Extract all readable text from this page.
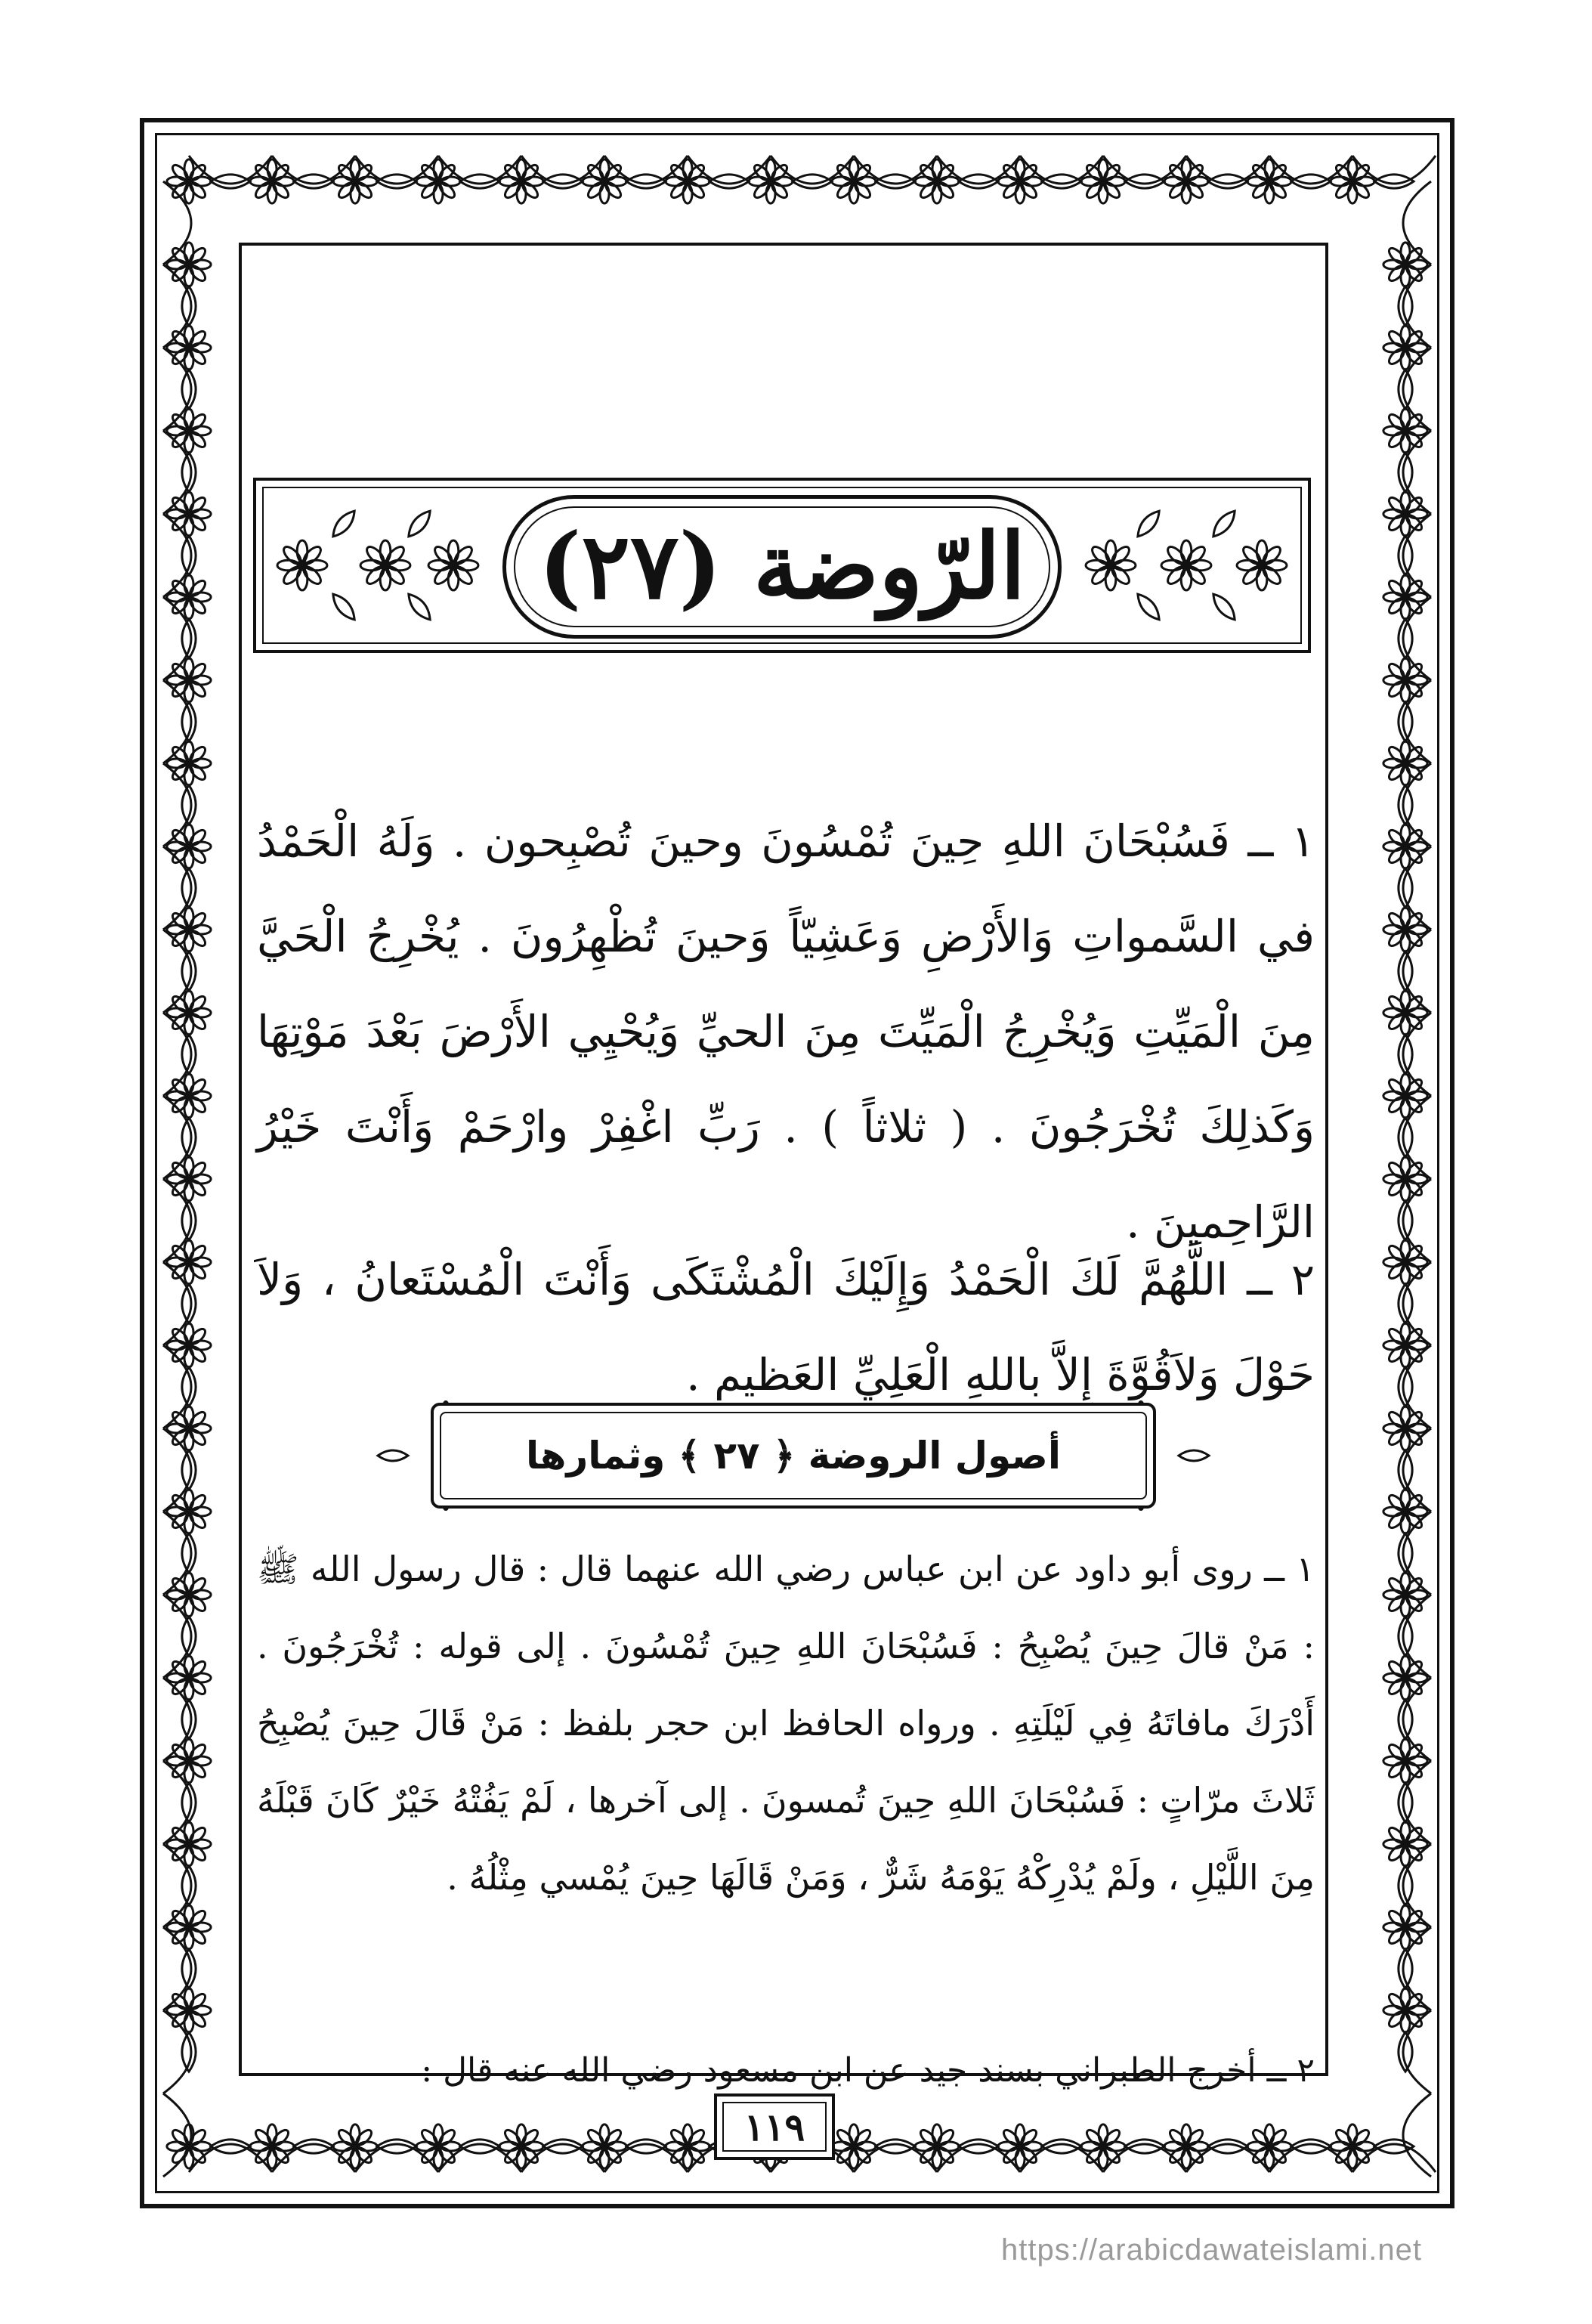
الرّوضة (٢٧)

١ ــ فَسُبْحَانَ اللهِ حِينَ تُمْسُونَ وحينَ تُصْبِحون . وَلَهُ الْحَمْدُ في السَّمواتِ وَالأَرْضِ وَعَشِيّاً وَحينَ تُظْهِرُونَ . يُخْرِجُ الْحَيَّ مِنَ الْمَيِّتِ وَيُخْرِجُ الْمَيِّتَ مِنَ الحيِّ وَيُحْيِي الأَرْضَ بَعْدَ مَوْتِهَا وَكَذلِكَ تُخْرَجُونَ . ( ثلاثاً ) . رَبِّ اغْفِرْ وارْحَمْ وَأَنْتَ خَيْرُ الرَّاحِمينَ .

٢ ــ اللَّهُمَّ لَكَ الْحَمْدُ وَإِلَيْكَ الْمُشْتَكَى وَأَنْتَ الْمُسْتَعانُ ، وَلاَ حَوْلَ وَلاَقُوَّةَ إِلاَّ باللهِ الْعَلِيِّ العَظيمِ .

أصول الروضة ﴿ ٢٧ ﴾ وثمارها

١ ــ روى أبو داود عن ابن عباس رضي الله عنهما قال : قال رسول الله ﷺ : مَنْ قالَ حِينَ يُصْبِحُ : فَسُبْحَانَ اللهِ حِينَ تُمْسُونَ . إلى قوله : تُخْرَجُونَ . أَدْرَكَ مافاتَهُ فِي لَيْلَتِهِ . ورواه الحافظ ابن حجر بلفظ : مَنْ قَالَ حِينَ يُصْبِحُ ثَلاثَ مرّاتٍ : فَسُبْحَانَ اللهِ حِينَ تُمسونَ . إلى آخرها ، لَمْ يَفُتْهُ خَيْرٌ كَانَ قَبْلَهُ مِنَ اللَّيْلِ ، ولَمْ يُدْرِكْهُ يَوْمَهُ شَرٌّ ، وَمَنْ قَالَهَا حِينَ يُمْسي مِثْلُهُ .

٢ ــ أخرج الطبراني بسند جيد عن ابن مسعود رضي الله عنه قال :

١١٩
https://arabicdawateislami.net
